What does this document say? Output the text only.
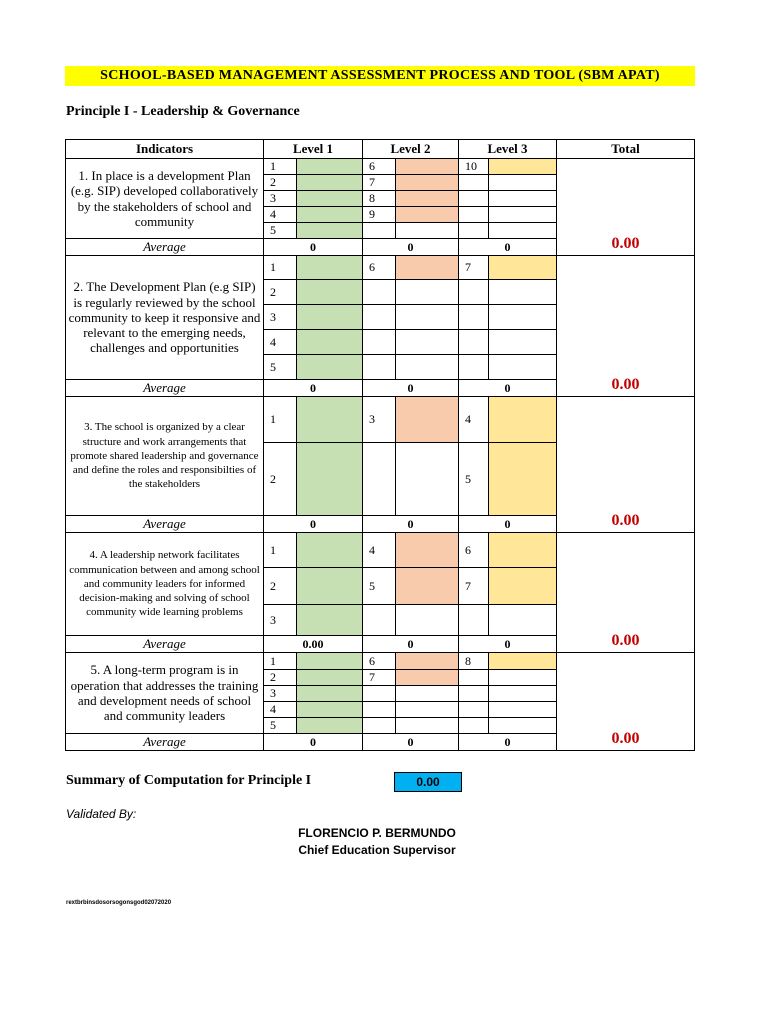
SCHOOL-BASED MANAGEMENT ASSESSMENT PROCESS AND TOOL (SBM APAT)
Principle I - Leadership & Governance
Indicators	Level 1		Level 2		Level 3		Total
1. In place is a development Plan (e.g. SIP) developed collaboratively by the stakeholders of school and community	1		6		10		0.00
	2		7				
	3		8				
	4		9				
	5						
Average	0		0		0		
2. The Development Plan (e.g SIP) is regularly reviewed by the school community to keep it responsive and relevant to the emerging needs, challenges and opportunities	1		6		7		0.00
	2						
	3						
	4						
	5						
Average	0		0		0		
3. The school is organized by a clear structure and work arrangements that promote shared leadership and governance and define the roles and responsibilties of the stakeholders	1		3		4		0.00
	2				5		
Average	0		0		0		
4. A leadership network facilitates communication between and among school and community leaders for informed decision-making and solving of school community wide learning problems	1		4		6		0.00
	2		5		7		
	3						
Average	0.00		0		0		
5. A long-term program is in operation that addresses the training and development needs of school and community leaders	1		6		8		0.00
	2		7				
	3						
	4						
	5						
Average	0		0		0		
Summary of Computation for Principle I	0.00
Validated By:
FLORENCIO P. BERMUNDO
Chief Education Supervisor
rextbrbinsdosorsogonsgod02072020
